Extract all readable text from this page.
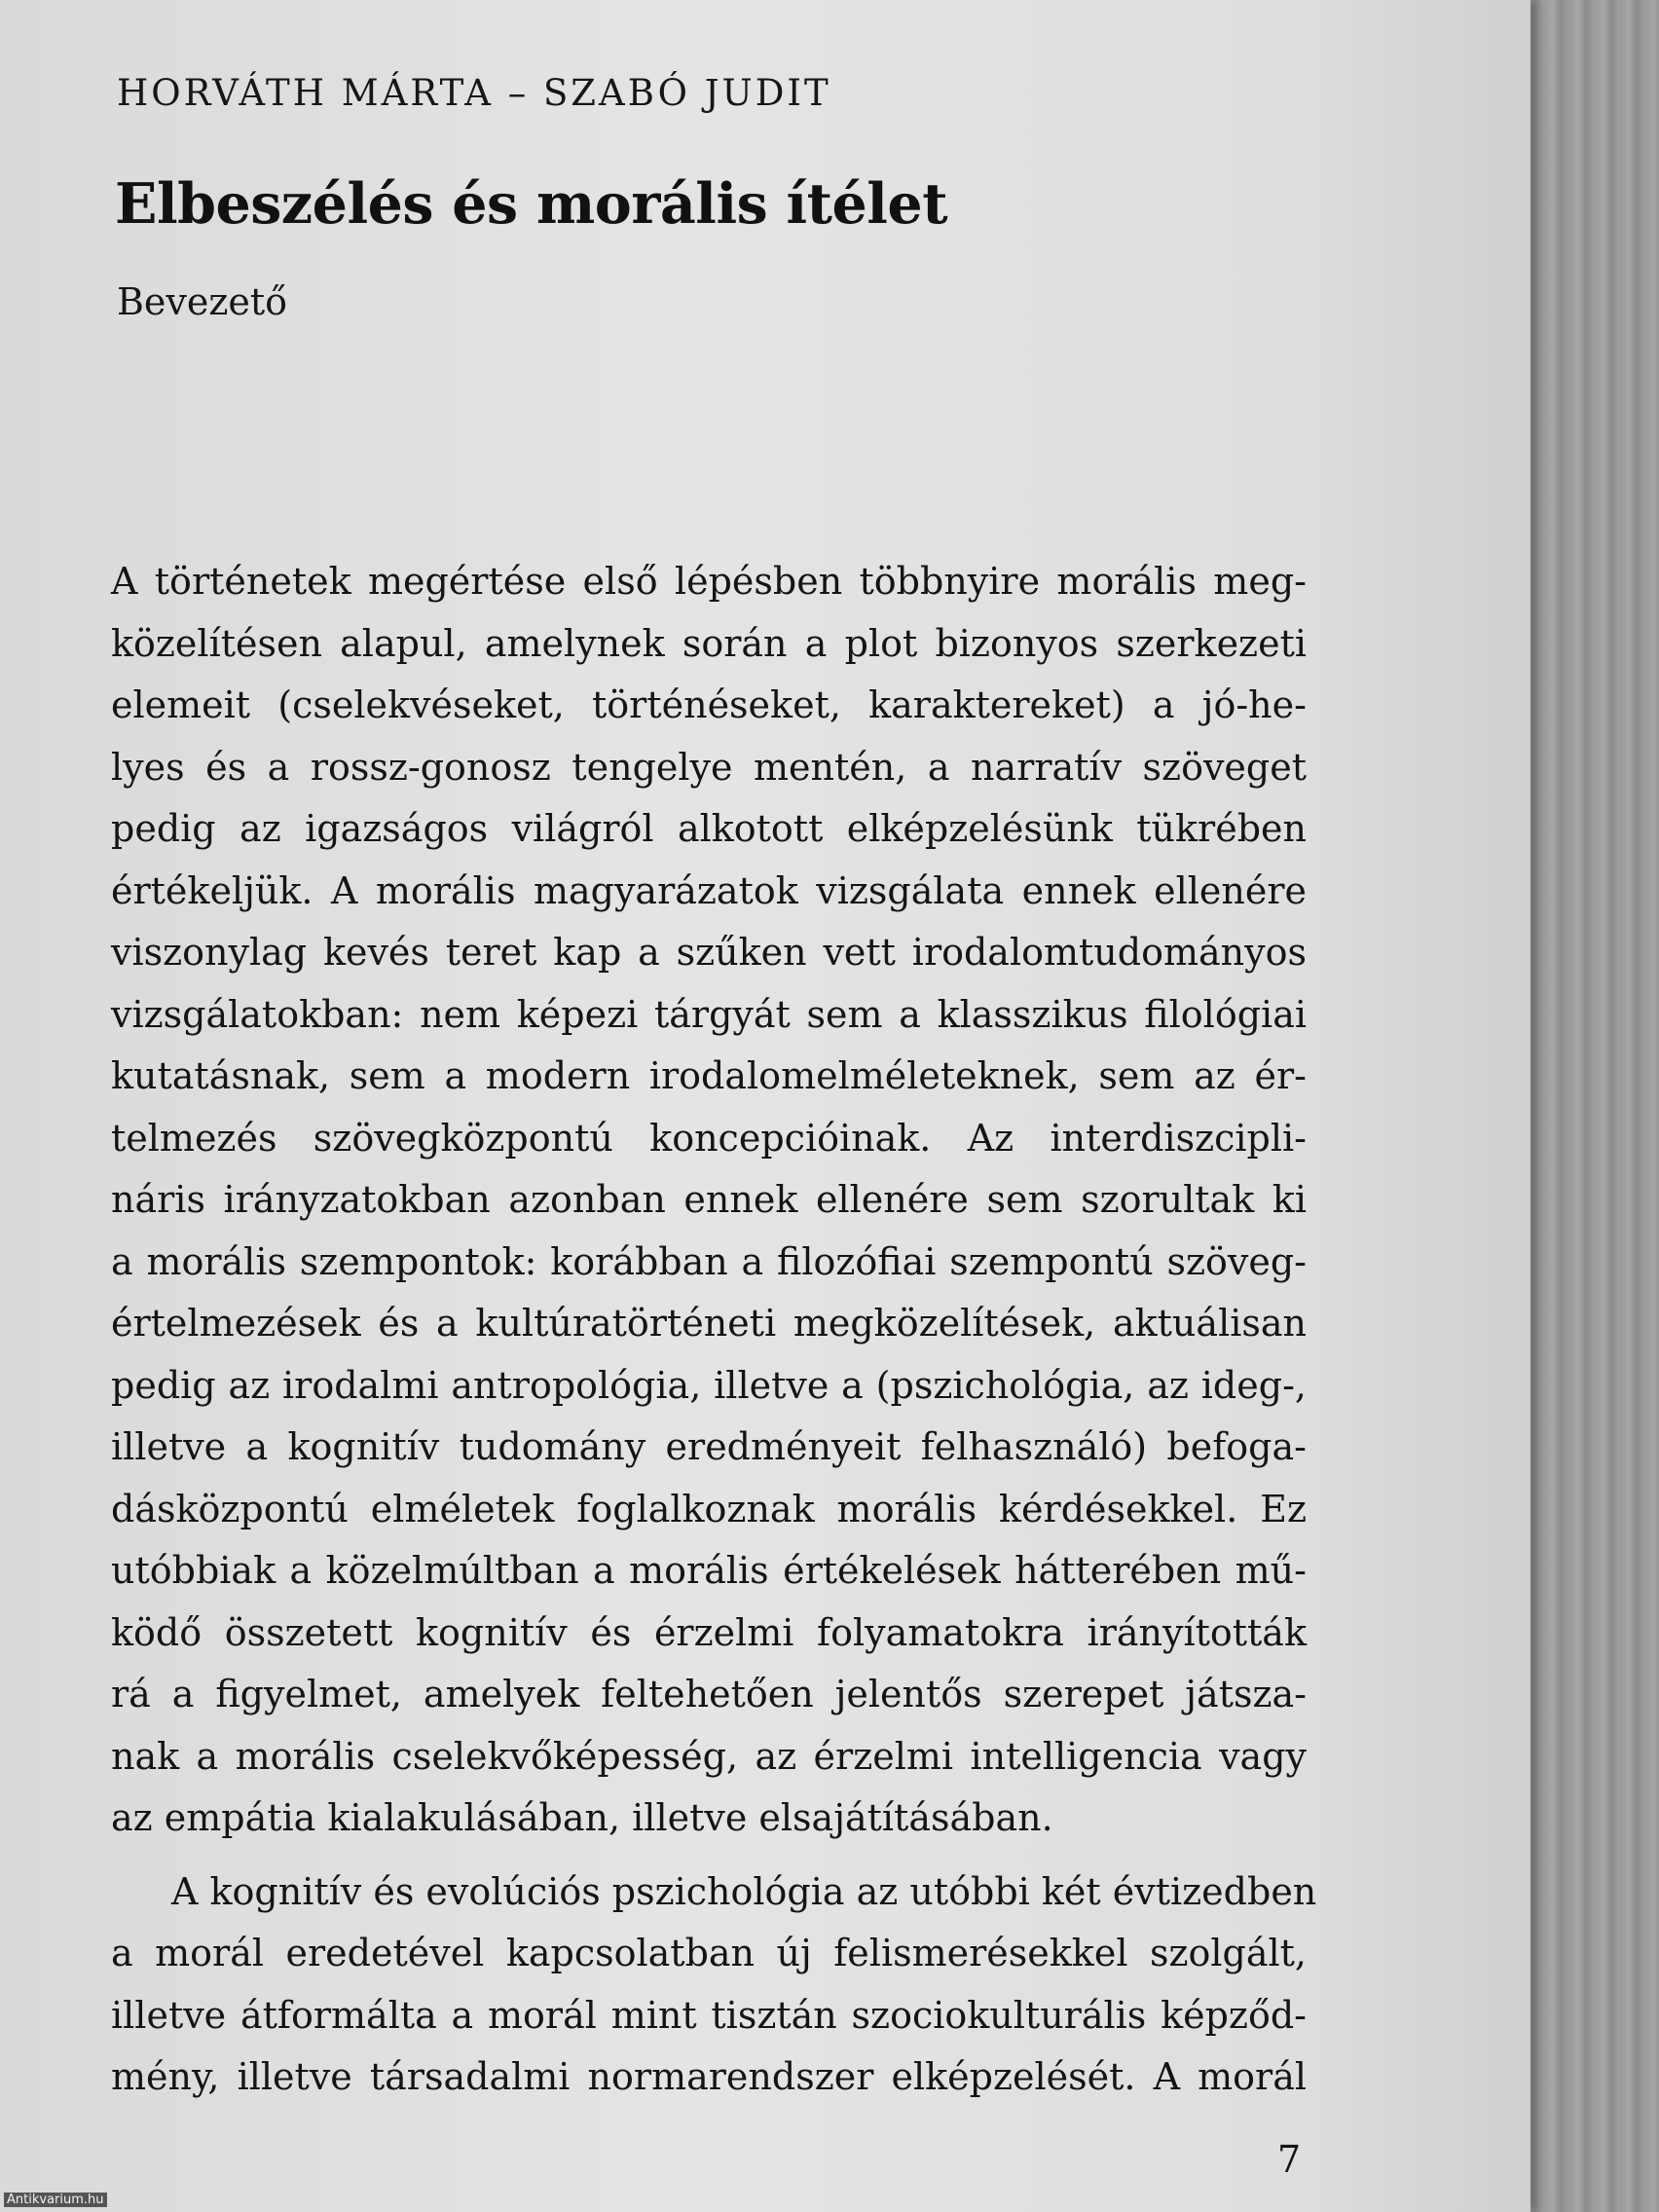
HORVÁTH MÁRTA – SZABÓ JUDIT
Elbeszélés és morális ítélet
Bevezető
A történetek megértése első lépésben többnyire morális meg-
közelítésen alapul, amelynek során a plot bizonyos szerkezeti
elemeit (cselekvéseket, történéseket, karaktereket) a jó-he-
lyes és a rossz-gonosz tengelye mentén, a narratív szöveget
pedig az igazságos világról alkotott elképzelésünk tükrében
értékeljük. A morális magyarázatok vizsgálata ennek ellenére
viszonylag kevés teret kap a szűken vett irodalomtudományos
vizsgálatokban: nem képezi tárgyát sem a klasszikus filológiai
kutatásnak, sem a modern irodalomelméleteknek, sem az ér-
telmezés szövegközpontú koncepcióinak. Az interdiszcipli-
náris irányzatokban azonban ennek ellenére sem szorultak ki
a morális szempontok: korábban a filozófiai szempontú szöveg-
értelmezések és a kultúratörténeti megközelítések, aktuálisan
pedig az irodalmi antropológia, illetve a (pszichológia, az ideg-,
illetve a kognitív tudomány eredményeit felhasználó) befoga-
dásközpontú elméletek foglalkoznak morális kérdésekkel. Ez
utóbbiak a közelmúltban a morális értékelések hátterében mű-
ködő összetett kognitív és érzelmi folyamatokra irányították
rá a figyelmet, amelyek feltehetően jelentős szerepet játsza-
nak a morális cselekvőképesség, az érzelmi intelligencia vagy
az empátia kialakulásában, illetve elsajátításában.
A kognitív és evolúciós pszichológia az utóbbi két évtizedben
a morál eredetével kapcsolatban új felismerésekkel szolgált,
illetve átformálta a morál mint tisztán szociokulturális képződ-
mény, illetve társadalmi normarendszer elképzelését. A morál
7
Antikvarium.hu
